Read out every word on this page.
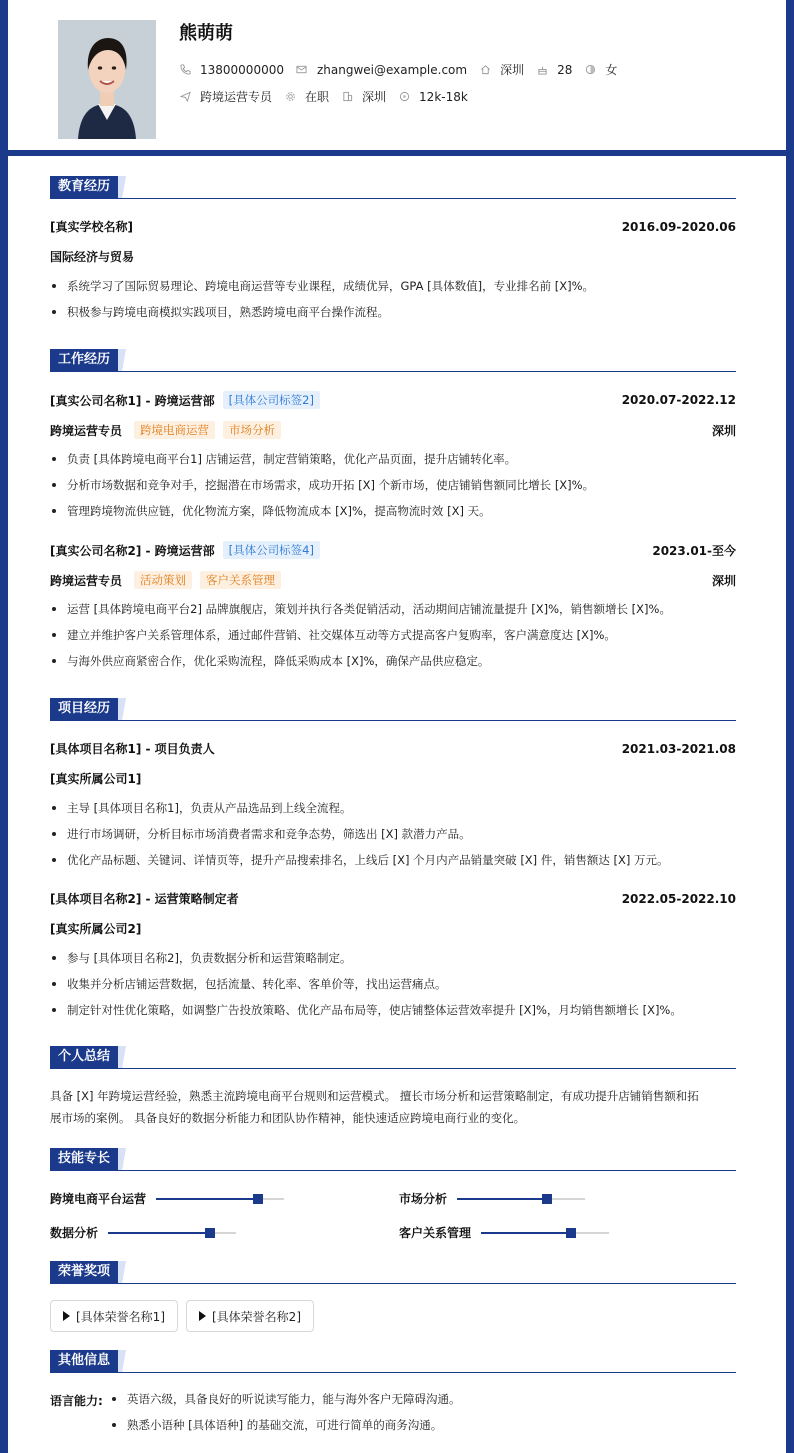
熊萌萌
13800000000	zhangwei@example.com	深圳	28	女
跨境运营专员	在职	深圳	12k-18k
教育经历
[真实学校名称]	2016.09-2020.06
国际经济与贸易
系统学习了国际贸易理论、跨境电商运营等专业课程，成绩优异，GPA [具体数值]，专业排名前 [X]%。
积极参与跨境电商模拟实践项目，熟悉跨境电商平台操作流程。
工作经历
[真实公司名称1] - 跨境运营部	[具体公司标签2]	2020.07-2022.12
跨境运营专员	跨境电商运营	市场分析	深圳
负责 [具体跨境电商平台1] 店铺运营，制定营销策略，优化产品页面，提升店铺转化率。
分析市场数据和竞争对手，挖掘潜在市场需求，成功开拓 [X] 个新市场，使店铺销售额同比增长 [X]%。
管理跨境物流供应链，优化物流方案，降低物流成本 [X]%，提高物流时效 [X] 天。
[真实公司名称2] - 跨境运营部	[具体公司标签4]	2023.01-至今
跨境运营专员	活动策划	客户关系管理	深圳
运营 [具体跨境电商平台2] 品牌旗舰店，策划并执行各类促销活动，活动期间店铺流量提升 [X]%，销售额增长 [X]%。
建立并维护客户关系管理体系，通过邮件营销、社交媒体互动等方式提高客户复购率，客户满意度达 [X]%。
与海外供应商紧密合作，优化采购流程，降低采购成本 [X]%，确保产品供应稳定。
项目经历
[具体项目名称1] - 项目负责人	2021.03-2021.08
[真实所属公司1]
主导 [具体项目名称1]，负责从产品选品到上线全流程。
进行市场调研，分析目标市场消费者需求和竞争态势，筛选出 [X] 款潜力产品。
优化产品标题、关键词、详情页等，提升产品搜索排名，上线后 [X] 个月内产品销量突破 [X] 件，销售额达 [X] 万元。
[具体项目名称2] - 运营策略制定者	2022.05-2022.10
[真实所属公司2]
参与 [具体项目名称2]，负责数据分析和运营策略制定。
收集并分析店铺运营数据，包括流量、转化率、客单价等，找出运营痛点。
制定针对性优化策略，如调整广告投放策略、优化产品布局等，使店铺整体运营效率提升 [X]%，月均销售额增长 [X]%。
个人总结
具备 [X] 年跨境运营经验，熟悉主流跨境电商平台规则和运营模式。 擅长市场分析和运营策略制定，有成功提升店铺销售额和拓
展市场的案例。 具备良好的数据分析能力和团队协作精神，能快速适应跨境电商行业的变化。
技能专长
跨境电商平台运营	市场分析
数据分析	客户关系管理
荣誉奖项
[具体荣誉名称1]	[具体荣誉名称2]
其他信息
语言能力:	英语六级，具备良好的听说读写能力，能与海外客户无障碍沟通。
熟悉小语种 [具体语种] 的基础交流，可进行简单的商务沟通。
